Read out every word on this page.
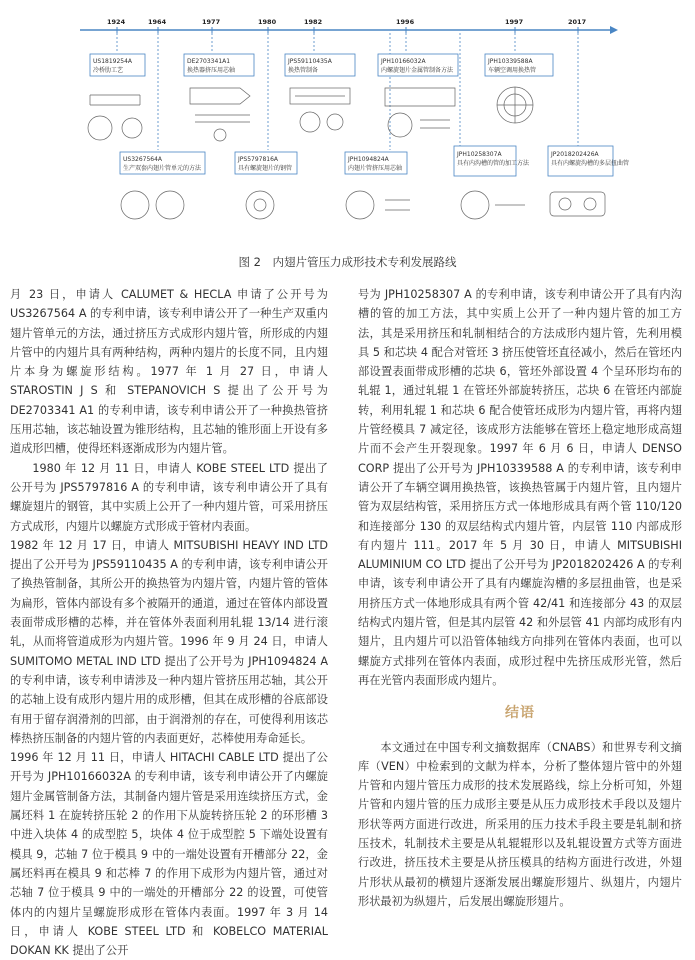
1924	1964	1977	1980	1982	1996	1997	2017
US1819254A
冷桥肋工艺
DE2703341A1
换热器挤压用芯轴
JPS59110435A
换热管制备
JPH10166032A
内螺旋翅片金属管制备方法
JPH10339588A
车辆空调用换热管
US3267564A
生产双套内翅片管单元的方法
JPS5797816A
具有螺旋翅片的钢管
JPH1094824A
内翅片管挤压用芯轴
JPH10258307A
具有内沟槽的管的加工方法
JP2018202426A
具有内螺旋沟槽的多层扭曲管
图 2　内翅片管压力成形技术专利发展路线

月 23 日，申请人 CALUMET & HECLA 申请了公开号为 US3267564 A 的专利申请，该专利申请公开了一种生产双重内翅片管单元的方法，通过挤压方式成形内翅片管，所形成的内翅片管中的内翅片具有两种结构，两种内翅片的长度不同，且内翅片本身为螺旋形结构。1977 年 1 月 27 日，申请人 STAROSTIN J S 和 STEPANOVICH S 提出了公开号为 DE2703341 A1 的专利申请，该专利申请公开了一种换热管挤压用芯轴，该芯轴设置为锥形结构，且芯轴的锥形面上开设有多道成形凹槽，使得坯料逐渐成形为内翅片管。

1980 年 12 月 11 日，申请人 KOBE STEEL LTD 提出了公开号为 JPS5797816 A 的专利申请，该专利申请公开了具有螺旋翅片的钢管，其中实质上公开了一种内翅片管，可采用挤压方式成形，内翅片以螺旋方式形成于管材内表面。

1982 年 12 月 17 日，申请人 MITSUBISHI HEAVY IND LTD 提出了公开号为 JPS59110435 A 的专利申请，该专利申请公开了换热管制备，其所公开的换热管为内翅片管，内翅片管的管体为扁形，管体内部设有多个被隔开的通道，通过在管体内部设置表面带成形槽的芯棒，并在管体外表面利用轧辊 13/14 进行滚轧，从而将管道成形为内翅片管。1996 年 9 月 24 日，申请人 SUMITOMO METAL IND LTD 提出了公开号为 JPH1094824 A 的专利申请，该专利申请涉及一种内翅片管挤压用芯轴，其公开的芯轴上设有成形内翅片用的成形槽，但其在成形槽的谷底部设有用于留存润滑剂的凹部，由于润滑剂的存在，可使得利用该芯棒热挤压制备的内翅片管的内表面更好，芯棒使用寿命延长。

1996 年 12 月 11 日，申请人 HITACHI CABLE LTD 提出了公开号为 JPH10166032A 的专利申请，该专利申请公开了内螺旋翅片金属管制备方法，其制备内翅片管是采用连续挤压方式，金属坯料 1 在旋转挤压轮 2 的作用下从旋转挤压轮 2 的环形槽 3 中进入块体 4 的成型腔 5，块体 4 位于成型腔 5 下端处设置有模具 9，芯轴 7 位于模具 9 中的一端处设置有开槽部分 22，金属坯料再在模具 9 和芯棒 7 的作用下成形为内翅片管，通过对芯轴 7 位于模具 9 中的一端处的开槽部分 22 的设置，可使管体内的内翅片呈螺旋形成形在管体内表面。1997 年 3 月 14 日，申请人 KOBE STEEL LTD 和 KOBELCO MATERIAL DOKAN KK 提出了公开

号为 JPH10258307 A 的专利申请，该专利申请公开了具有内沟槽的管的加工方法，其中实质上公开了一种内翅片管的加工方法，其是采用挤压和轧制相结合的方法成形内翅片管，先利用模具 5 和芯块 4 配合对管坯 3 挤压使管坯直径减小，然后在管坯内部设置表面带成形槽的芯块 6，管坯外部设置 4 个呈环形均布的轧辊 1，通过轧辊 1 在管坯外部旋转挤压，芯块 6 在管坯内部旋转，利用轧辊 1 和芯块 6 配合使管坯成形为内翅片管，再将内翅片管经模具 7 减定径，该成形方法能够在管坯上稳定地形成高翅片而不会产生开裂现象。1997 年 6 月 6 日，申请人 DENSO CORP 提出了公开号为 JPH10339588 A 的专利申请，该专利申请公开了车辆空调用换热管，该换热管属于内翅片管，且内翅片管为双层结构管，采用挤压方式一体地形成具有两个管 110/120 和连接部分 130 的双层结构式内翅片管，内层管 110 内部成形有内翅片 111。2017 年 5 月 30 日，申请人 MITSUBISHI ALUMINIUM CO LTD 提出了公开号为 JP2018202426 A 的专利申请，该专利申请公开了具有内螺旋沟槽的多层扭曲管，也是采用挤压方式一体地形成具有两个管 42/41 和连接部分 43 的双层结构式内翅片管，但是其内层管 42 和外层管 41 内部均成形有内翅片，且内翅片可以沿管体轴线方向排列在管体内表面，也可以螺旋方式排列在管体内表面，成形过程中先挤压成形光管，然后再在光管内表面形成内翅片。

结语

本文通过在中国专利文摘数据库（CNABS）和世界专利文摘库（VEN）中检索到的文献为样本，分析了整体翅片管中的外翅片管和内翅片管压力成形的技术发展路线，综上分析可知，外翅片管和内翅片管的压力成形主要是从压力成形技术手段以及翅片形状等两方面进行改进，所采用的压力技术手段主要是轧制和挤压技术，轧制技术主要是从轧辊辊形以及轧辊设置方式等方面进行改进，挤压技术主要是从挤压模具的结构方面进行改进，外翅片形状从最初的横翅片逐渐发展出螺旋形翅片、纵翅片，内翅片形状最初为纵翅片，后发展出螺旋形翅片。
